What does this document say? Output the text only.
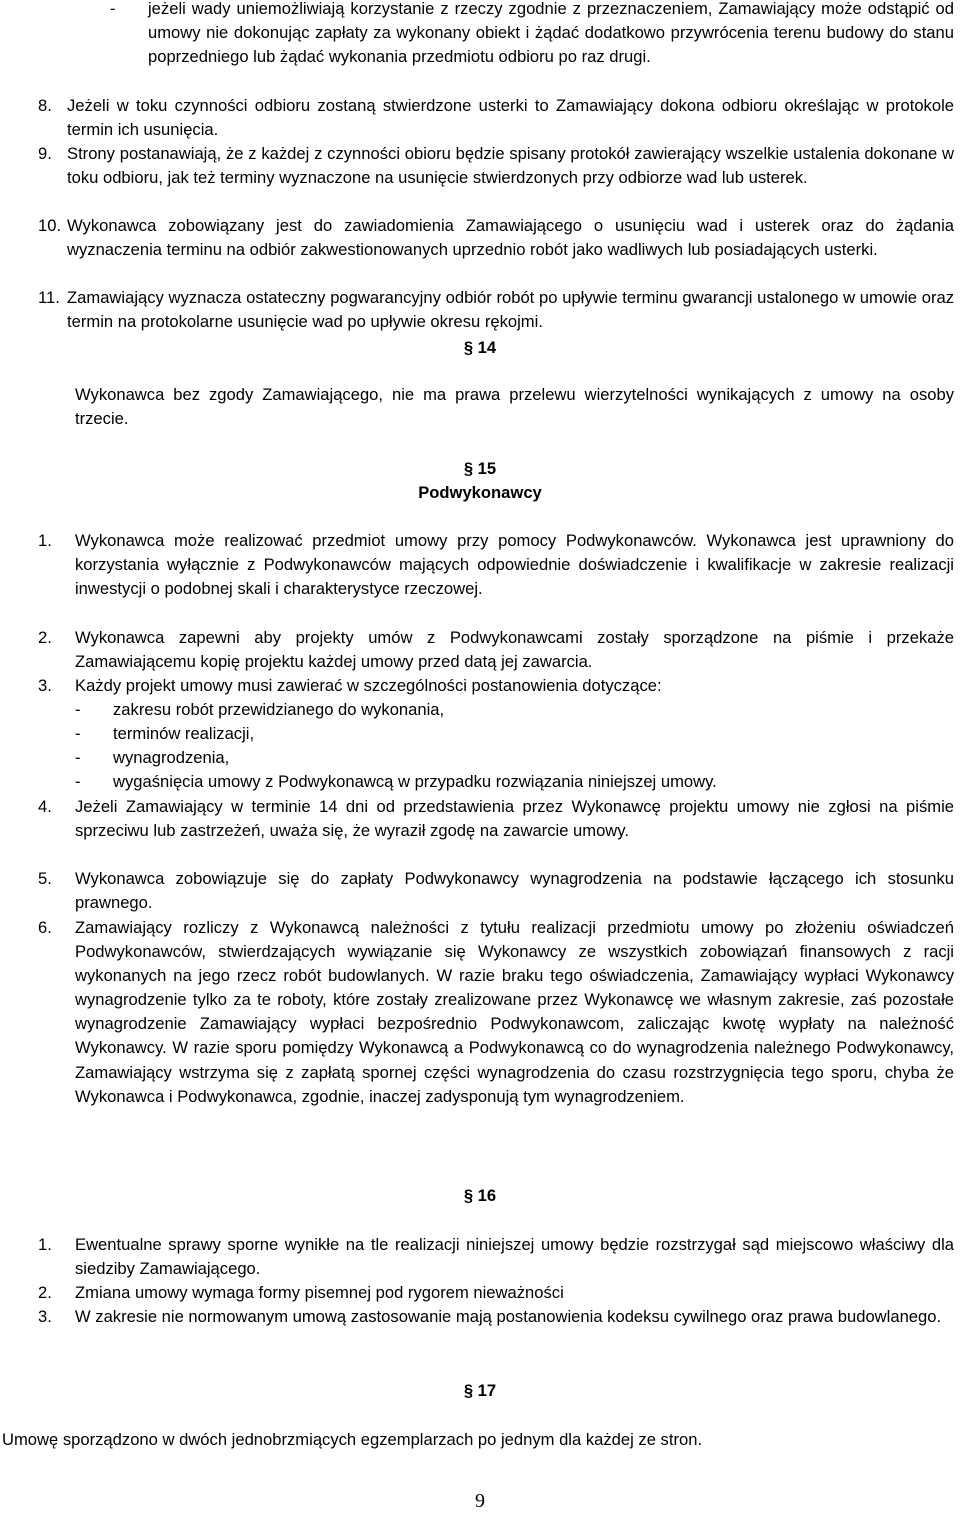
- jeżeli wady uniemożliwiają korzystanie z rzeczy zgodnie z przeznaczeniem, Zamawiający może odstąpić od umowy nie dokonując zapłaty za wykonany obiekt i żądać dodatkowo przywrócenia terenu budowy do stanu poprzedniego lub żądać wykonania przedmiotu odbioru po raz drugi.

8. Jeżeli w toku czynności odbioru zostaną stwierdzone usterki to Zamawiający dokona odbioru określając w protokole termin ich usunięcia.

9. Strony postanawiają, że z każdej z czynności obioru będzie spisany protokół zawierający wszelkie ustalenia dokonane w toku odbioru, jak też terminy wyznaczone na usunięcie stwierdzonych przy odbiorze wad lub usterek.

10. Wykonawca zobowiązany jest do zawiadomienia Zamawiającego o usunięciu wad i usterek oraz do żądania wyznaczenia terminu na odbiór zakwestionowanych uprzednio robót jako wadliwych lub posiadających usterki.

11. Zamawiający wyznacza ostateczny pogwarancyjny odbiór robót po upływie terminu gwarancji ustalonego w umowie oraz termin na protokolarne usunięcie wad po upływie okresu rękojmi.

§ 14

Wykonawca bez zgody Zamawiającego, nie ma prawa przelewu wierzytelności wynikających z umowy na osoby trzecie.

§ 15
Podwykonawcy
1. Wykonawca może realizować przedmiot umowy przy pomocy Podwykonawców. Wykonawca jest uprawniony do korzystania wyłącznie z Podwykonawców mających odpowiednie doświadczenie i kwalifikacje w zakresie realizacji inwestycji o podobnej skali i charakterystyce rzeczowej.

2. Wykonawca zapewni aby projekty umów z Podwykonawcami zostały sporządzone na piśmie i przekaże Zamawiającemu kopię projektu każdej umowy przed datą jej zawarcia.

3. Każdy projekt umowy musi zawierać w szczególności postanowienia dotyczące:

- zakresu robót przewidzianego do wykonania,
- terminów realizacji,
- wynagrodzenia,
- wygaśnięcia umowy z Podwykonawcą w przypadku rozwiązania niniejszej umowy.
4. Jeżeli Zamawiający w terminie 14 dni od przedstawienia przez Wykonawcę projektu umowy nie zgłosi na piśmie sprzeciwu lub zastrzeżeń, uważa się, że wyraził zgodę na zawarcie umowy.

5. Wykonawca zobowiązuje się do zapłaty Podwykonawcy wynagrodzenia na podstawie łączącego ich stosunku prawnego.

6. Zamawiający rozliczy z Wykonawcą należności z tytułu realizacji przedmiotu umowy po złożeniu oświadczeń Podwykonawców, stwierdzających wywiązanie się Wykonawcy ze wszystkich zobowiązań finansowych z racji wykonanych na jego rzecz robót budowlanych. W razie braku tego oświadczenia, Zamawiający wypłaci Wykonawcy wynagrodzenie tylko za te roboty, które zostały zrealizowane przez Wykonawcę we własnym zakresie, zaś pozostałe wynagrodzenie Zamawiający wypłaci bezpośrednio Podwykonawcom, zaliczając kwotę wypłaty na należność Wykonawcy. W razie sporu pomiędzy Wykonawcą a Podwykonawcą co do wynagrodzenia należnego Podwykonawcy, Zamawiający wstrzyma się z zapłatą spornej części wynagrodzenia do czasu rozstrzygnięcia tego sporu, chyba że Wykonawca i Podwykonawca, zgodnie, inaczej zadysponują tym wynagrodzeniem.

§ 16
1. Ewentualne sprawy sporne wynikłe na tle realizacji niniejszej umowy będzie rozstrzygał sąd miejscowo właściwy dla siedziby Zamawiającego.

2. Zmiana umowy wymaga formy pisemnej pod rygorem nieważności

3. W zakresie nie normowanym umową zastosowanie mają postanowienia kodeksu cywilnego oraz prawa budowlanego.

§ 17

Umowę sporządzono w dwóch jednobrzmiących egzemplarzach po jednym dla każdej ze stron.

9
